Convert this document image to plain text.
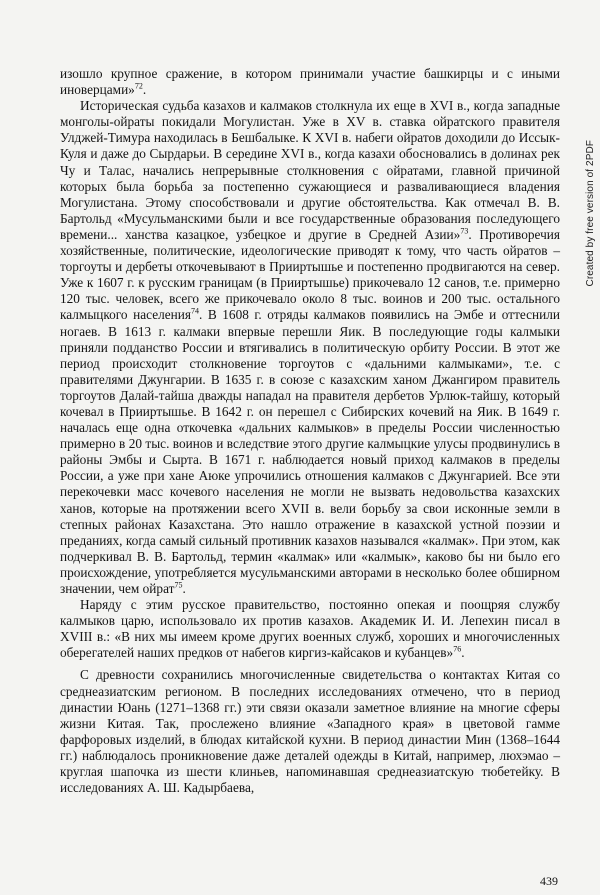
Created by free version of 2PDF

изошло крупное сражение, в котором принимали участие башкирцы и с иными иноверцами»$^{72}$.

Историческая судьба казахов и калмаков столкнула их еще в XVI в., когда западные монголы-ойраты покидали Могулистан. Уже в XV в. ставка ойратского правителя Улджей-Тимура находилась в Бешбалыке. К XVI в. набеги ойратов доходили до Иссык-Куля и даже до Сырдарьи. В середине XVI в., когда казахи обосновались в долинах рек Чу и Талас, начались непрерывные столкновения с ойратами, главной причиной которых была борьба за постепенно сужающиеся и разваливающиеся владения Могулистана. Этому способствовали и другие обстоятельства. Как отмечал В. В. Бартольд «Мусульманскими были и все государственные образования последующего времени... ханства казацкое, узбецкое и другие в Средней Азии»$^{73}$. Противоречия хозяйственные, политические, идеологические приводят к тому, что часть ойратов – торгоуты и дербеты откочевывают в Прииртышье и постепенно продвигаются на север. Уже к 1607 г. к русским границам (в Прииртышье) прикочевало 12 санов, т.е. примерно 120 тыс. человек, всего же прикочевало около 8 тыс. воинов и 200 тыс. остального калмыцкого населения$^{74}$. В 1608 г. отряды калмаков появились на Эмбе и оттеснили ногаев. В 1613 г. калмаки впервые перешли Яик. В последующие годы калмыки приняли подданство России и втягивались в политическую орбиту России. В этот же период происходит столкновение торгоутов с «дальними калмыками», т.е. с правителями Джунгарии. В 1635 г. в союзе с казахским ханом Джангиром правитель торгоутов Далай-тайша дважды нападал на правителя дербетов Урлюк-тайшу, который кочевал в Прииртышье. В 1642 г. он перешел с Сибирских кочевий на Яик. В 1649 г. началась еще одна откочевка «дальних калмыков» в пределы России численностью примерно в 20 тыс. воинов и вследствие этого другие калмыцкие улусы продвинулись в районы Эмбы и Сырта. В 1671 г. наблюдается новый приход калмаков в пределы России, а уже при хане Аюке упрочились отношения калмаков с Джунгарией. Все эти перекочевки масс кочевого населения не могли не вызвать недовольства казахских ханов, которые на протяжении всего XVII в. вели борьбу за свои исконные земли в степных районах Казахстана. Это нашло отражение в казахской устной поэзии и преданиях, когда самый сильный противник казахов назывался «калмак». При этом, как подчеркивал В. В. Бартольд, термин «калмак» или «калмык», каково бы ни было его происхождение, употребляется мусульманскими авторами в несколько более обширном значении, чем ойрат$^{75}$.

Наряду с этим русское правительство, постоянно опекая и поощряя службу калмыков царю, использовало их против казахов. Академик И. И. Лепехин писал в XVIII в.: «В них мы имеем кроме других военных служб, хороших и многочисленных оберегателей наших предков от набегов киргиз-кайсаков и кубанцев»$^{76}$.

С древности сохранились многочисленные свидетельства о контактах Китая со среднеазиатским регионом. В последних исследованиях отмечено, что в период династии Юань (1271–1368 гг.) эти связи оказали заметное влияние на многие сферы жизни Китая. Так, прослежено влияние «Западного края» в цветовой гамме фарфоровых изделий, в блюдах китайской кухни. В период династии Мин (1368–1644 гг.) наблюдалось проникновение даже деталей одежды в Китай, например, люхэмао – круглая шапочка из шести клиньев, напоминавшая среднеазиатскую тюбетейку. В исследованиях А. Ш. Кадырбаева,

439
